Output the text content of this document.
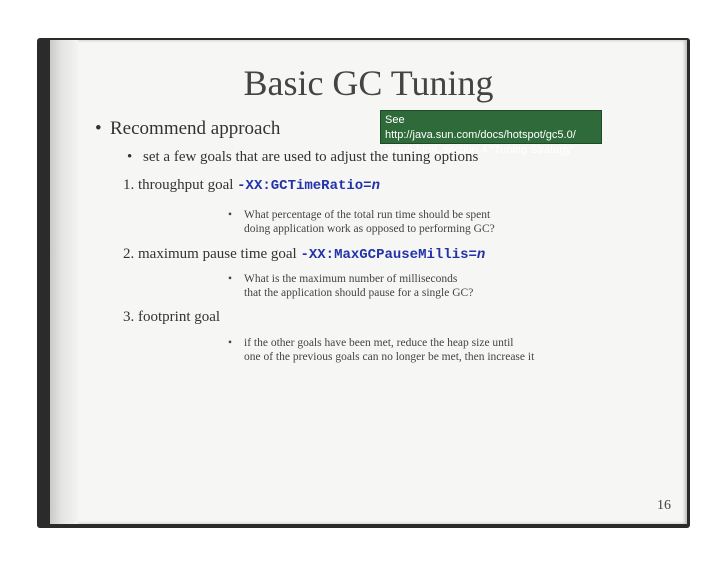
Basic GC Tuning
• Recommend approach	See http://java.sun.com/docs/hotspot/gc5.0/
ergo5.html, section 4 “Tuning Strategy”
• set a few goals that are used to adjust the tuning options
1. throughput goal -XX:GCTimeRatio=n
• What percentage of the total run time should be spent
doing application work as opposed to performing GC?
2. maximum pause time goal -XX:MaxGCPauseMillis=n
• What is the maximum number of milliseconds
that the application should pause for a single GC?
3. footprint goal
• if the other goals have been met, reduce the heap size until
one of the previous goals can no longer be met, then increase it
16
